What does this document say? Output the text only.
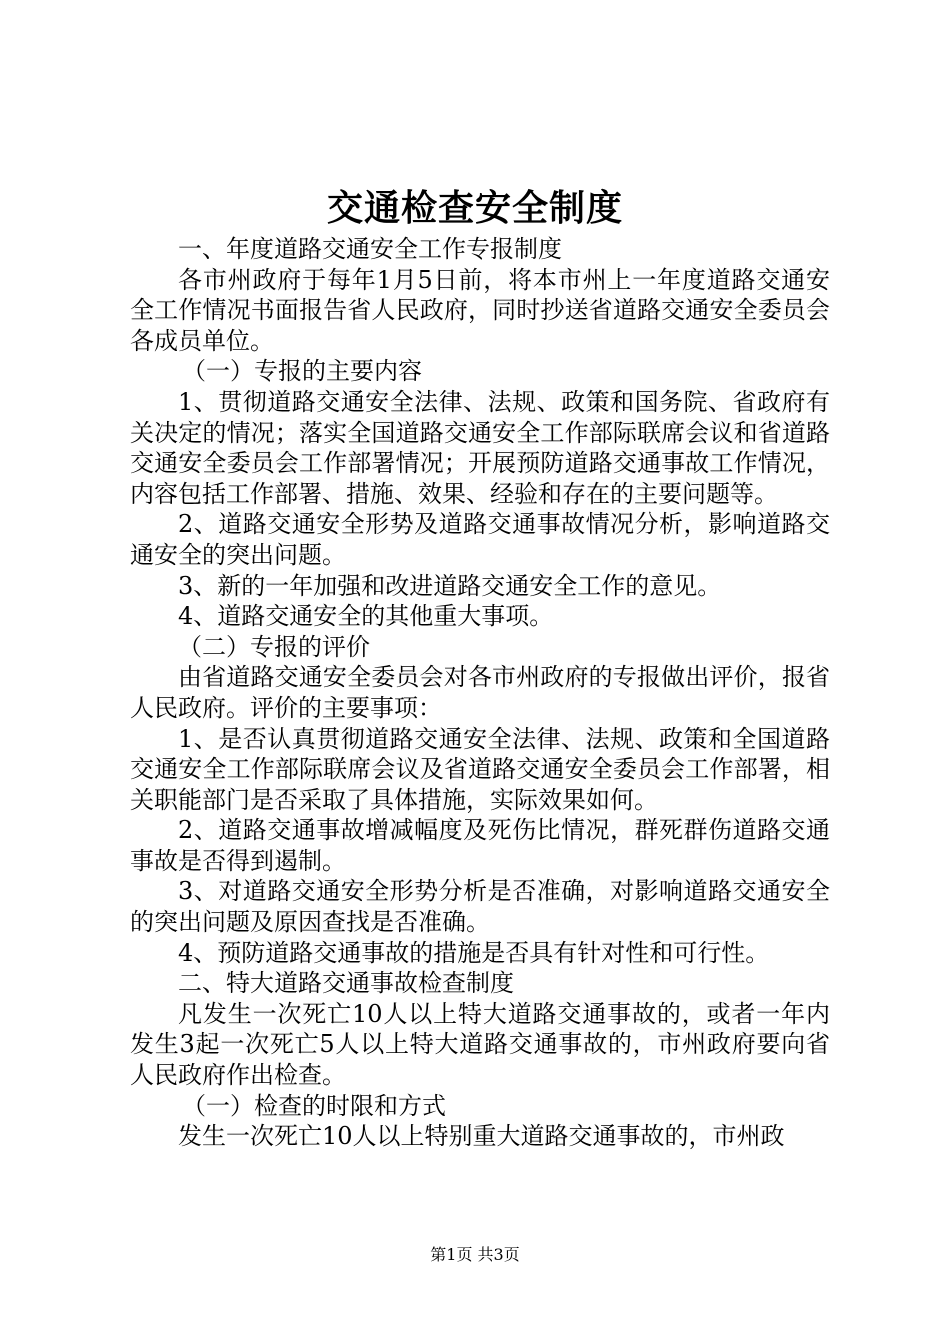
交通检查安全制度

一、年度道路交通安全工作专报制度

各市州政府于每年1月5日前，将本市州上一年度道路交通安全工作情况书面报告省人民政府，同时抄送省道路交通安全委员会各成员单位。

（一）专报的主要内容

1、贯彻道路交通安全法律、法规、政策和国务院、省政府有关决定的情况；落实全国道路交通安全工作部际联席会议和省道路交通安全委员会工作部署情况；开展预防道路交通事故工作情况，内容包括工作部署、措施、效果、经验和存在的主要问题等。

2、道路交通安全形势及道路交通事故情况分析，影响道路交通安全的突出问题。

3、新的一年加强和改进道路交通安全工作的意见。

4、道路交通安全的其他重大事项。

（二）专报的评价

由省道路交通安全委员会对各市州政府的专报做出评价，报省人民政府。评价的主要事项：

1、是否认真贯彻道路交通安全法律、法规、政策和全国道路交通安全工作部际联席会议及省道路交通安全委员会工作部署，相关职能部门是否采取了具体措施，实际效果如何。

2、道路交通事故增减幅度及死伤比情况，群死群伤道路交通事故是否得到遏制。

3、对道路交通安全形势分析是否准确，对影响道路交通安全的突出问题及原因查找是否准确。

4、预防道路交通事故的措施是否具有针对性和可行性。

二、特大道路交通事故检查制度

凡发生一次死亡10人以上特大道路交通事故的，或者一年内发生3起一次死亡5人以上特大道路交通事故的，市州政府要向省人民政府作出检查。

（一）检查的时限和方式

发生一次死亡10人以上特别重大道路交通事故的，市州政

第1页 共3页
